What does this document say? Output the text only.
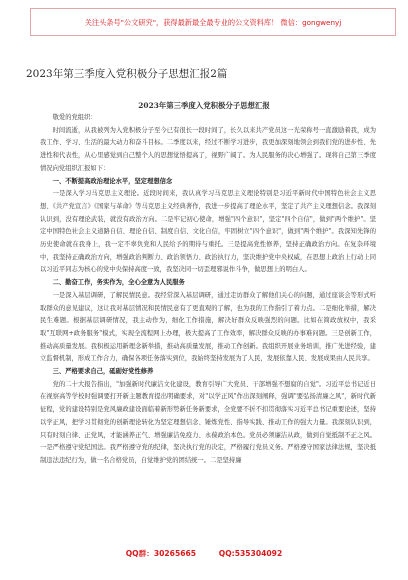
关注头条号"公文研究"，获得最新最全最专业的公文资料库！ 微信：gongwenyj
2023年第三季度入党积极分子思想汇报2篇
2023年第三季度入党积极分子思想汇报

敬爱的党组织：

时间流逝，从我被列为入党积极分子至今已有很长一段时间了，长久以来共产党员这一光荣称号一直激励着我，成为我工作、学习、生活的最大动力和奋斗目标。二季度以来，经过不断学习进步，我更加深刻地领会到我们党的进步性、先进性和代表性，从心里感觉到自己整个人的思想觉悟提高了，视野广阔了。为人民服务的决心增强了。现将自己第三季度情况向党组织汇报如下：

一、不断提高政治理论水平，坚定理想信念

一是深入学习马克思主义理论。近段时间来，我认真学习马克思主义理论特别是习近平新时代中国特色社会主义思想、《共产党宣言》《国家与革命》等马克思主义经典著作，我进一步提高了理论水平，坚定了共产主义理想信念。我深刻认识到，没有理论武装，就没有政治方向。二是牢记初心使命，增强"四个意识"，坚定"四个自信"，做到"两个维护"。坚定中国特色社会主义道路自信、理论自信、制度自信、文化自信，牢固树立"四个意识"，做到"两个维护"。我深知先锋的历史使命就在我身上，我一定不辜负党和人民给予的期待与重托。三是提高党性修养，坚持正确政治方向。在复杂环境中，我坚持正确政治方向，增强政治判断力、政治领悟力、政治执行力，坚决维护党中央权威，在思想上政治上行动上同以习近平同志为核心的党中央保持高度一致，我坚决同一切歪理邪说作斗争，做思想上的明白人。

二、勤奋工作，务实作为，全心全意为人民服务

一是深入基层调研，了解民情民意。我经常深入基层调研，通过走访群众了解他们关心的问题，通过座谈会等形式听取群众的意见建议，这让我对基层情况和民情民意有了更直观的了解，也为我的工作指引了着力点。二是细化举措，解决民生难题。根据基层调研情况，我主动作为，细化工作措施，解决好群众反映强烈的问题。比如在简政放权中，我采取"互联网+政务服务"模式，实现全流程网上办理，极大提高了工作效率，解决群众反映的办事难问题。三是创新工作，推动高质量发展。我积极运用新理念新举措，推动高质量发展，推动工作创新。我组织开展业务培训，推广先进经验，建立监督机制，形成工作合力，确保各项任务落实到位，我始终坚持发展为了人民，发展依靠人民、发展成果由人民共享。

三、严格要求自己，砥砺好党性修养

党的二十大报告指出，"加强新时代廉洁文化建设，教育引导广大党员、干部增强不想腐的自觉"。习近平总书记近日在视察高等学校时强调要打开新主题教育提出明确要求，对"以学正风"作出深刻阐释，强调"要弘扬清廉之风"，新时代新征程，党的建设特别是党风廉政建设面临着新形势新任务新要求，全党要不折不扣贯彻落实习近平总书记重要论述，坚持以学正风，把学习贯彻党的创新理论转化为坚定理想信念、锤炼党性、指导实践、推动工作的强大力量。我深刻认识到，只有时刻自律、正党风，才能涵养正气、增强廉洁免疫力、永葆政治本色。党员必须廉洁从政，做到自觉抵制不正之风。一是严格遵守党纪国法。我严格遵守党的纪律，坚决执行党的决定，严格履行党员义务。严格遵守国家法律法规，坚决抵制违法违纪行为，做一名合格党员，自觉维护党的团结统一。二是坚持廉

QQ群：30265665	QQ:535304092
